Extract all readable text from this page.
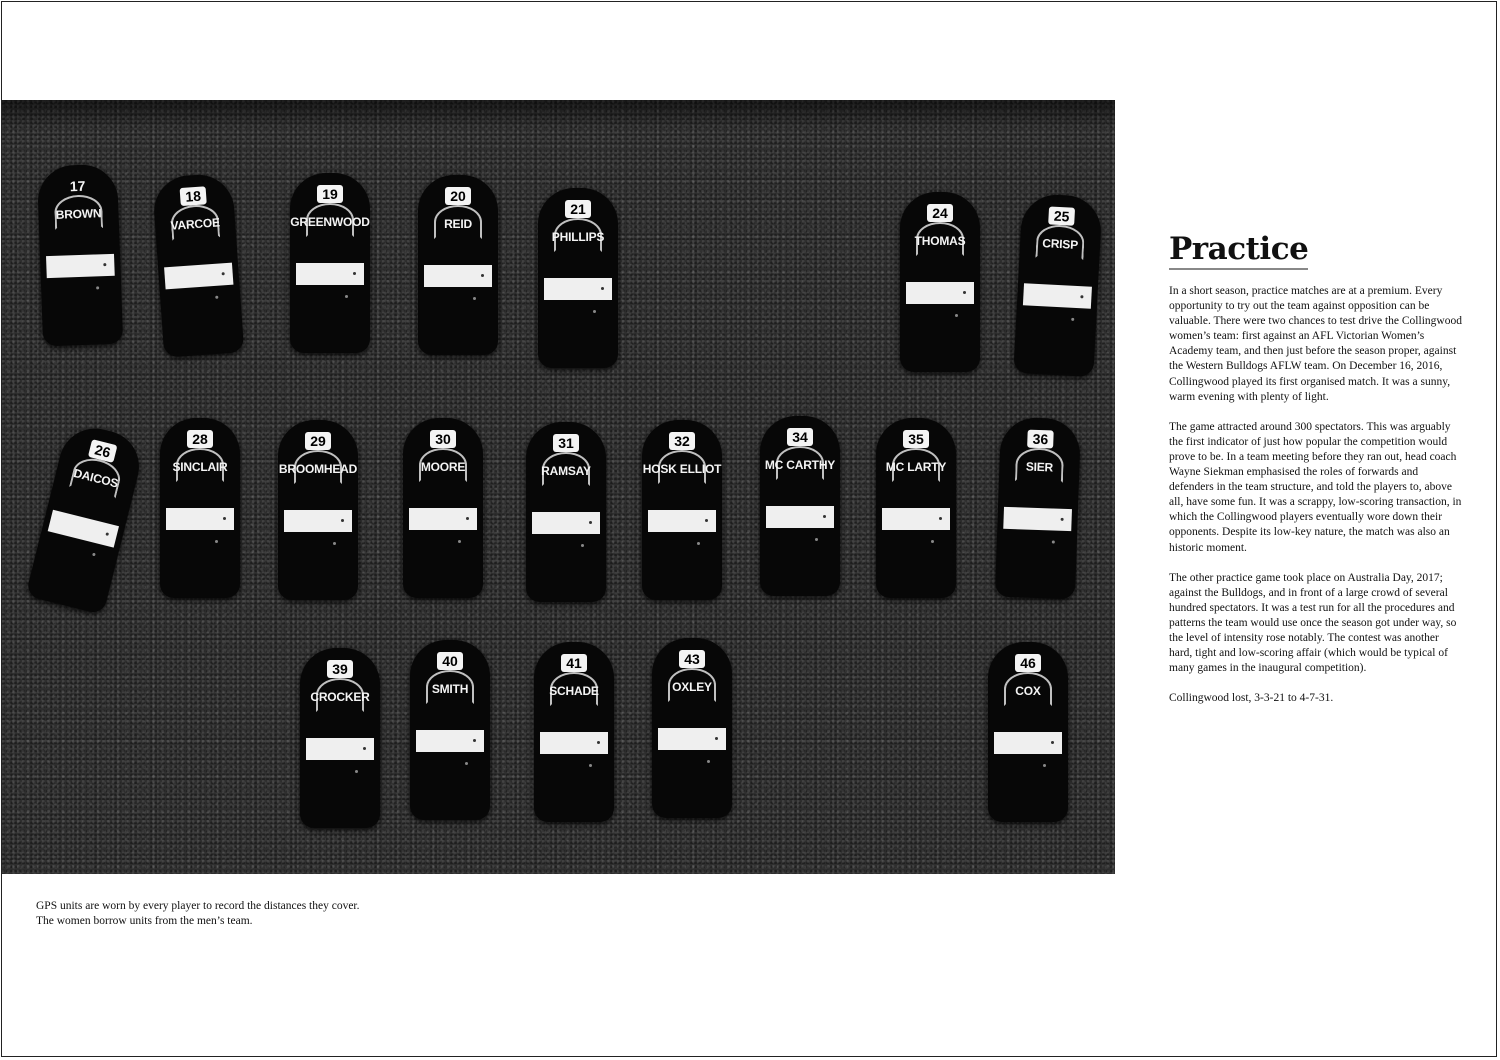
17
BROWN
18
VARCOE
19
GREENWOOD
20
REID
21
PHILLIPS
24
THOMAS
25
CRISP
26
DAICOS
28
SINCLAIR
29
BROOMHEAD
30
MOORE
31
RAMSAY
32
HOSK ELLIOT
34
MC CARTHY
35
MC LARTY
36
SIER
39
CROCKER
40
SMITH
41
SCHADE
43
OXLEY
46
COX

GPS units are worn by every player to record the distances they cover.

The women borrow units from the men’s team.

Practice

In a short season, practice matches are at a premium. Every opportunity to try out the team against opposition can be valuable. There were two chances to test drive the Collingwood women’s team: first against an AFL Victorian Women’s Academy team, and then just before the season proper, against the Western Bulldogs AFLW team. On December 16, 2016, Collingwood played its first organised match. It was a sunny, warm evening with plenty of light.

The game attracted around 300 spectators. This was arguably the first indicator of just how popular the competition would prove to be. In a team meeting before they ran out, head coach Wayne Siekman emphasised the roles of forwards and defenders in the team structure, and told the players to, above all, have some fun. It was a scrappy, low-scoring transaction, in which the Collingwood players eventually wore down their opponents. Despite its low-key nature, the match was also an historic moment.

The other practice game took place on Australia Day, 2017; against the Bulldogs, and in front of a large crowd of several hundred spectators. It was a test run for all the procedures and patterns the team would use once the season got under way, so the level of intensity rose notably. The contest was another hard, tight and low-scoring affair (which would be typical of many games in the inaugural competition).

Collingwood lost, 3-3-21 to 4-7-31.
